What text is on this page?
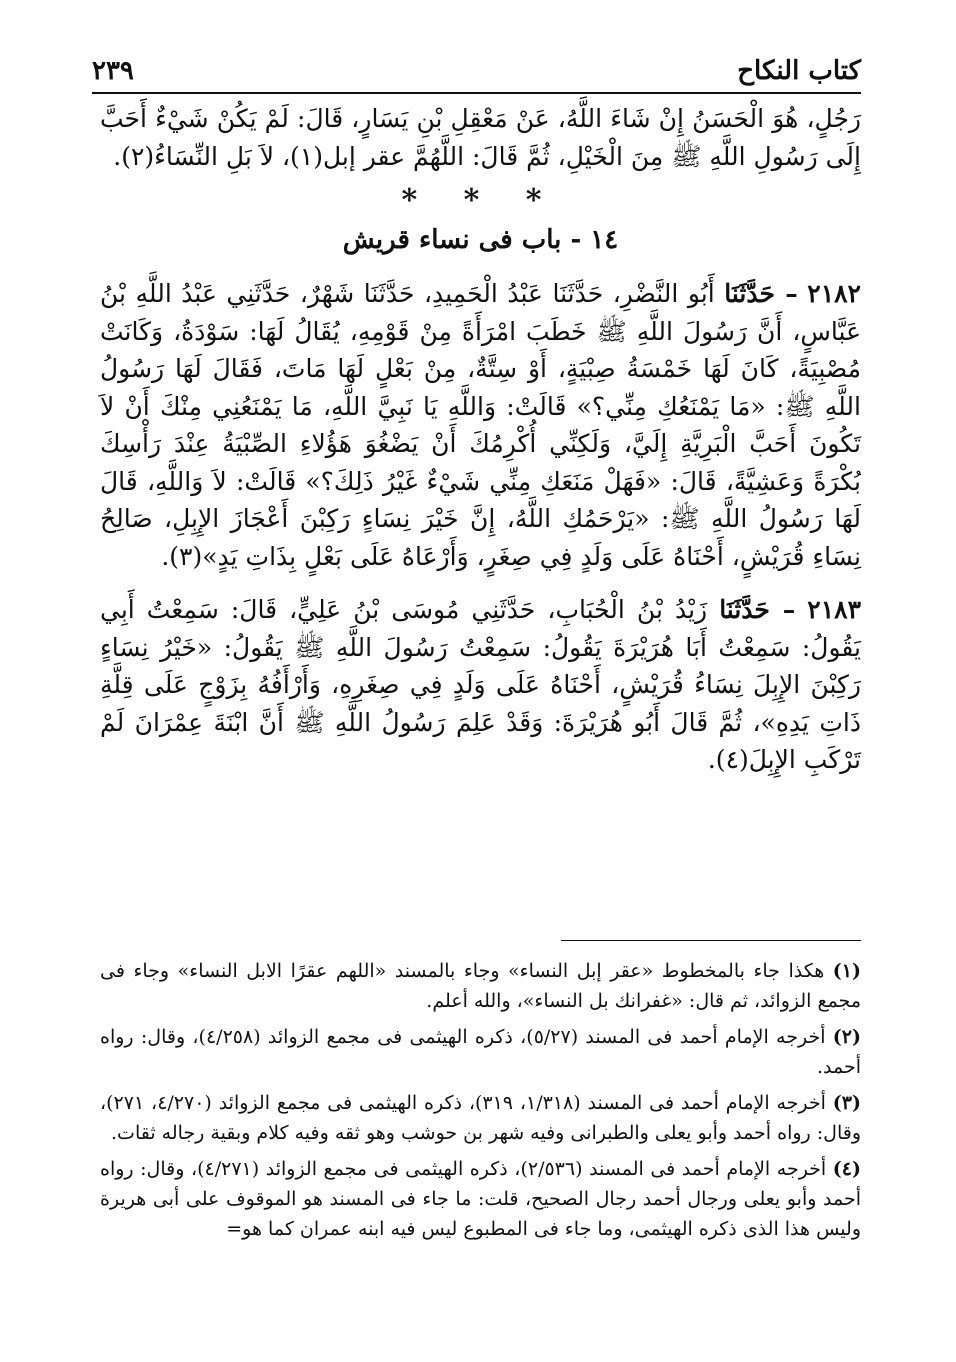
كتاب النكاح
٢٣٩

رَجُلٍ، هُوَ الْحَسَنُ إِنْ شَاءَ اللَّهُ، عَنْ مَعْقِلِ بْنِ يَسَارٍ، قَالَ: لَمْ يَكُنْ شَيْءٌ أَحَبَّ إِلَى رَسُولِ اللَّهِ ﷺ مِنَ الْخَيْلِ، ثُمَّ قَالَ: اللَّهُمَّ عقر إبل(١)، لاَ بَلِ النِّسَاءُ(٢).

* * *
١٤ - باب فى نساء قريش

٢١٨٢ – حَدَّثَنَا أَبُو النَّضْرِ، حَدَّثَنَا عَبْدُ الْحَمِيدِ، حَدَّثَنَا شَهْرٌ، حَدَّثَنِي عَبْدُ اللَّهِ بْنُ عَبَّاسٍ، أَنَّ رَسُولَ اللَّهِ ﷺ خَطَبَ امْرَأَةً مِنْ قَوْمِهِ، يُقَالُ لَهَا: سَوْدَةُ، وَكَانَتْ مُصْبِيَةً، كَانَ لَهَا خَمْسَةُ صِبْيَةٍ، أَوْ سِتَّةٌ، مِنْ بَعْلٍ لَهَا مَاتَ، فَقَالَ لَهَا رَسُولُ اللَّهِ ﷺ: «مَا يَمْنَعُكِ مِنِّي؟» قَالَتْ: وَاللَّهِ يَا نَبِيَّ اللَّهِ، مَا يَمْنَعُنِي مِنْكَ أَنْ لاَ تَكُونَ أَحَبَّ الْبَرِيَّةِ إِلَيَّ، وَلَكِنِّي أُكْرِمُكَ أَنْ يَضْغُوَ هَؤُلاءِ الصِّبْيَةُ عِنْدَ رَأْسِكَ بُكْرَةً وَعَشِيَّةً، قَالَ: «فَهَلْ مَنَعَكِ مِنِّي شَيْءٌ غَيْرُ ذَلِكَ؟» قَالَتْ: لاَ وَاللَّهِ، قَالَ لَهَا رَسُولُ اللَّهِ ﷺ: «يَرْحَمُكِ اللَّهُ، إِنَّ خَيْرَ نِسَاءٍ رَكِبْنَ أَعْجَازَ الإِبِلِ، صَالِحُ نِسَاءِ قُرَيْشٍ، أَحْنَاهُ عَلَى وَلَدٍ فِي صِغَرٍ، وَأَرْعَاهُ عَلَى بَعْلٍ بِذَاتِ يَدٍ»(٣).

٢١٨٣ – حَدَّثَنَا زَيْدُ بْنُ الْحُبَابِ، حَدَّثَنِي مُوسَى بْنُ عَلِيٍّ، قَالَ: سَمِعْتُ أَبِي يَقُولُ: سَمِعْتُ أَبَا هُرَيْرَةَ يَقُولُ: سَمِعْتُ رَسُولَ اللَّهِ ﷺ يَقُولُ: «خَيْرُ نِسَاءٍ رَكِبْنَ الإِبِلَ نِسَاءُ قُرَيْشٍ، أَحْنَاهُ عَلَى وَلَدٍ فِي صِغَرِهِ، وَأَرْأَفُهُ بِزَوْجٍ عَلَى قِلَّةِ ذَاتِ يَدِهِ»، ثُمَّ قَالَ أَبُو هُرَيْرَةَ: وَقَدْ عَلِمَ رَسُولُ اللَّهِ ﷺ أَنَّ ابْنَةَ عِمْرَانَ لَمْ تَرْكَبِ الإِبِلَ(٤).

(١) هكذا جاء بالمخطوط «عقر إبل النساء» وجاء بالمسند «اللهم عقرًا الابل النساء» وجاء فى مجمع الزوائد، ثم قال: «غفرانك بل النساء»، والله أعلم.

(٢) أخرجه الإمام أحمد فى المسند (٥/٢٧)، ذكره الهيثمى فى مجمع الزوائد (٤/٢٥٨)، وقال: رواه أحمد.

(٣) أخرجه الإمام أحمد فى المسند (١/٣١٨، ٣١٩)، ذكره الهيثمى فى مجمع الزوائد (٤/٢٧٠، ٢٧١)، وقال: رواه أحمد وأبو يعلى والطبرانى وفيه شهر بن حوشب وهو ثقه وفيه كلام وبقية رجاله ثقات.

(٤) أخرجه الإمام أحمد فى المسند (٢/٥٣٦)، ذكره الهيثمى فى مجمع الزوائد (٤/٢٧١)، وقال: رواه أحمد وأبو يعلى ورجال أحمد رجال الصحيح، قلت: ما جاء فى المسند هو الموقوف على أبى هريرة وليس هذا الذى ذكره الهيثمى، وما جاء فى المطبوع ليس فيه ابنه عمران كما هو=
